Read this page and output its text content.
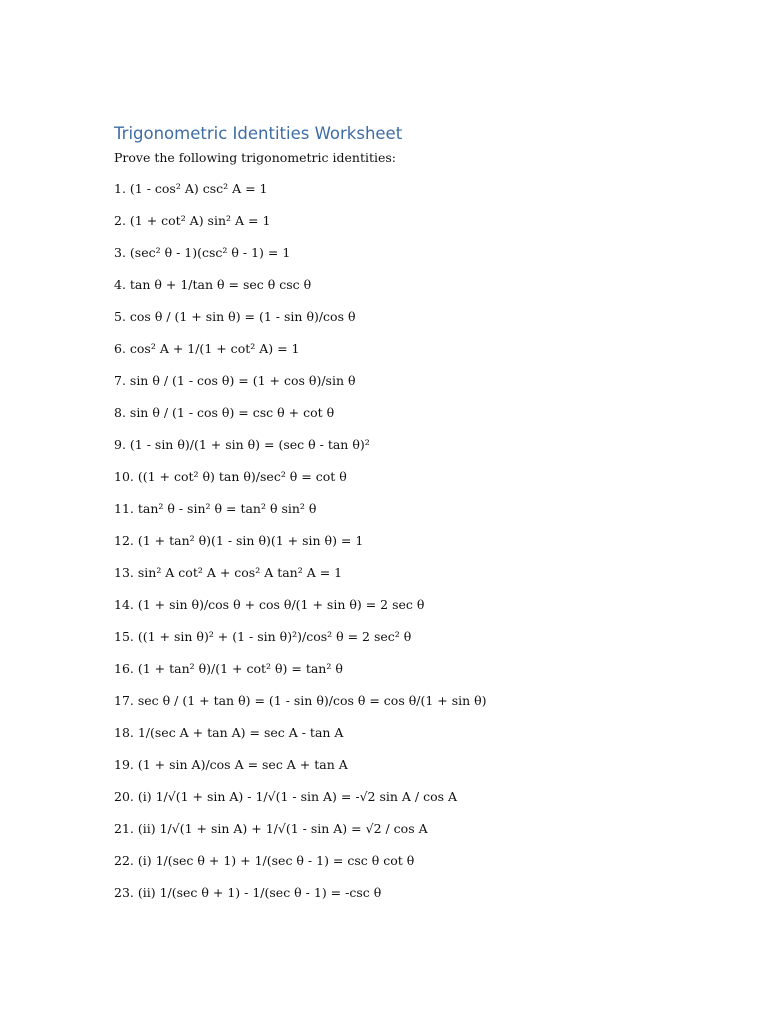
Trigonometric Identities Worksheet

Prove the following trigonometric identities:

1. (1 - cos² A) csc² A = 1
2. (1 + cot² A) sin² A = 1
3. (sec² θ - 1)(csc² θ - 1) = 1
4. tan θ + 1/tan θ = sec θ csc θ
5. cos θ / (1 + sin θ) = (1 - sin θ)/cos θ
6. cos² A + 1/(1 + cot² A) = 1
7. sin θ / (1 - cos θ) = (1 + cos θ)/sin θ
8. sin θ / (1 - cos θ) = csc θ + cot θ
9. (1 - sin θ)/(1 + sin θ) = (sec θ - tan θ)²
10. ((1 + cot² θ) tan θ)/sec² θ = cot θ
11. tan² θ - sin² θ = tan² θ sin² θ
12. (1 + tan² θ)(1 - sin θ)(1 + sin θ) = 1
13. sin² A cot² A + cos² A tan² A = 1
14. (1 + sin θ)/cos θ + cos θ/(1 + sin θ) = 2 sec θ
15. ((1 + sin θ)² + (1 - sin θ)²)/cos² θ = 2 sec² θ
16. (1 + tan² θ)/(1 + cot² θ) = tan² θ
17. sec θ / (1 + tan θ) = (1 - sin θ)/cos θ = cos θ/(1 + sin θ)
18. 1/(sec A + tan A) = sec A - tan A
19. (1 + sin A)/cos A = sec A + tan A
20. (i) 1/√(1 + sin A) - 1/√(1 - sin A) = -√2 sin A / cos A
21. (ii) 1/√(1 + sin A) + 1/√(1 - sin A) = √2 / cos A
22. (i) 1/(sec θ + 1) + 1/(sec θ - 1) = csc θ cot θ
23. (ii) 1/(sec θ + 1) - 1/(sec θ - 1) = -csc θ
